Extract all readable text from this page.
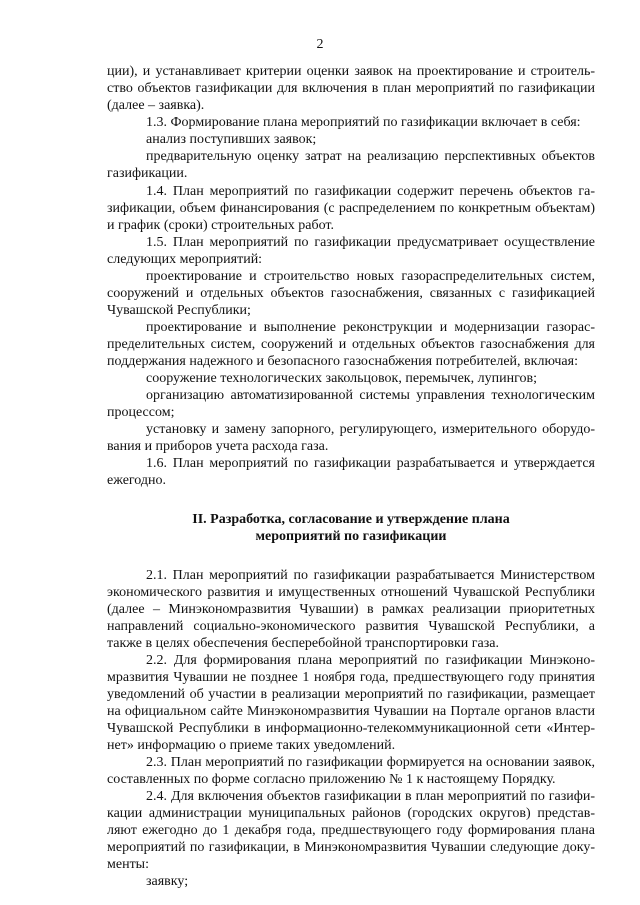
2
ции), и устанавливает критерии оценки заявок на проектирование и строитель-
ство объектов газификации для включения в план мероприятий по газификации
(далее – заявка).
1.3. Формирование плана мероприятий по газификации включает в себя:
анализ поступивших заявок;
предварительную оценку затрат на реализацию перспективных объектов
газификации.
1.4. План мероприятий по газификации содержит перечень объектов га-
зификации, объем финансирования (с распределением по конкретным объектам)
и график (сроки) строительных работ.
1.5. План мероприятий по газификации предусматривает осуществление
следующих мероприятий:
проектирование и строительство новых газораспределительных систем,
сооружений и отдельных объектов газоснабжения, связанных с газификацией
Чувашской Республики;
проектирование и выполнение реконструкции и модернизации газорас-
пределительных систем, сооружений и отдельных объектов газоснабжения для
поддержания надежного и безопасного газоснабжения потребителей, включая:
сооружение технологических закольцовок, перемычек, лупингов;
организацию автоматизированной системы управления технологическим
процессом;
установку и замену запорного, регулирующего, измерительного оборудо-
вания и приборов учета расхода газа.
1.6. План мероприятий по газификации разрабатывается и утверждается
ежегодно.
II. Разработка, согласование и утверждение плана
мероприятий по газификации
2.1. План мероприятий по газификации разрабатывается Министерством
экономического развития и имущественных отношений Чувашской Республики
(далее – Минэкономразвития Чувашии) в рамках реализации приоритетных
направлений социально-экономического развития Чувашской Республики, а
также в целях обеспечения бесперебойной транспортировки газа.
2.2. Для формирования плана мероприятий по газификации Минэконо-
мразвития Чувашии не позднее 1 ноября года, предшествующего году принятия
уведомлений об участии в реализации мероприятий по газификации, размещает
на официальном сайте Минэкономразвития Чувашии на Портале органов власти
Чувашской Республики в информационно-телекоммуникационной сети «Интер-
нет» информацию о приеме таких уведомлений.
2.3. План мероприятий по газификации формируется на основании заявок,
составленных по форме согласно приложению № 1 к настоящему Порядку.
2.4. Для включения объектов газификации в план мероприятий по газифи-
кации администрации муниципальных районов (городских округов) представ-
ляют ежегодно до 1 декабря года, предшествующего году формирования плана
мероприятий по газификации, в Минэкономразвития Чувашии следующие доку-
менты:
заявку;
